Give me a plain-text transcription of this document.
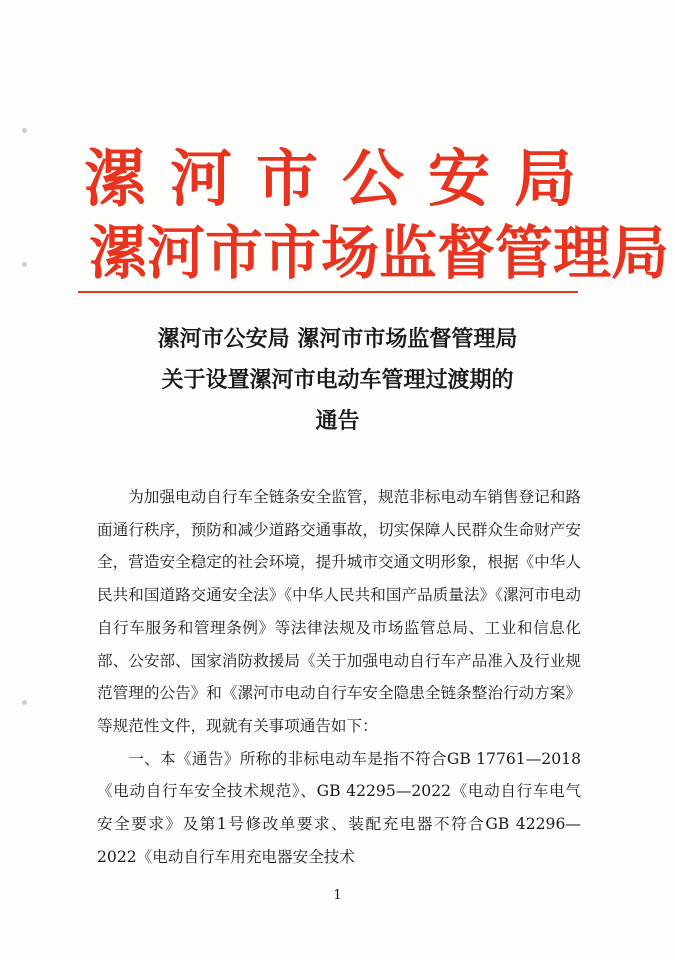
漯河市公安局
漯河市市场监督管理局
漯河市公安局 漯河市市场监督管理局
关于设置漯河市电动车管理过渡期的
通告

为加强电动自行车全链条安全监管，规范非标电动车销售登记和路面通行秩序，预防和减少道路交通事故，切实保障人民群众生命财产安全，营造安全稳定的社会环境，提升城市交通文明形象，根据《中华人民共和国道路交通安全法》《中华人民共和国产品质量法》《漯河市电动自行车服务和管理条例》等法律法规及市场监管总局、工业和信息化部、公安部、国家消防救援局《关于加强电动自行车产品准入及行业规范管理的公告》和《漯河市电动自行车安全隐患全链条整治行动方案》等规范性文件，现就有关事项通告如下：

一、本《通告》所称的非标电动车是指不符合GB 17761—2018《电动自行车安全技术规范》、GB 42295—2022《电动自行车电气安全要求》及第1号修改单要求、装配充电器不符合GB 42296—2022《电动自行车用充电器安全技术

1
